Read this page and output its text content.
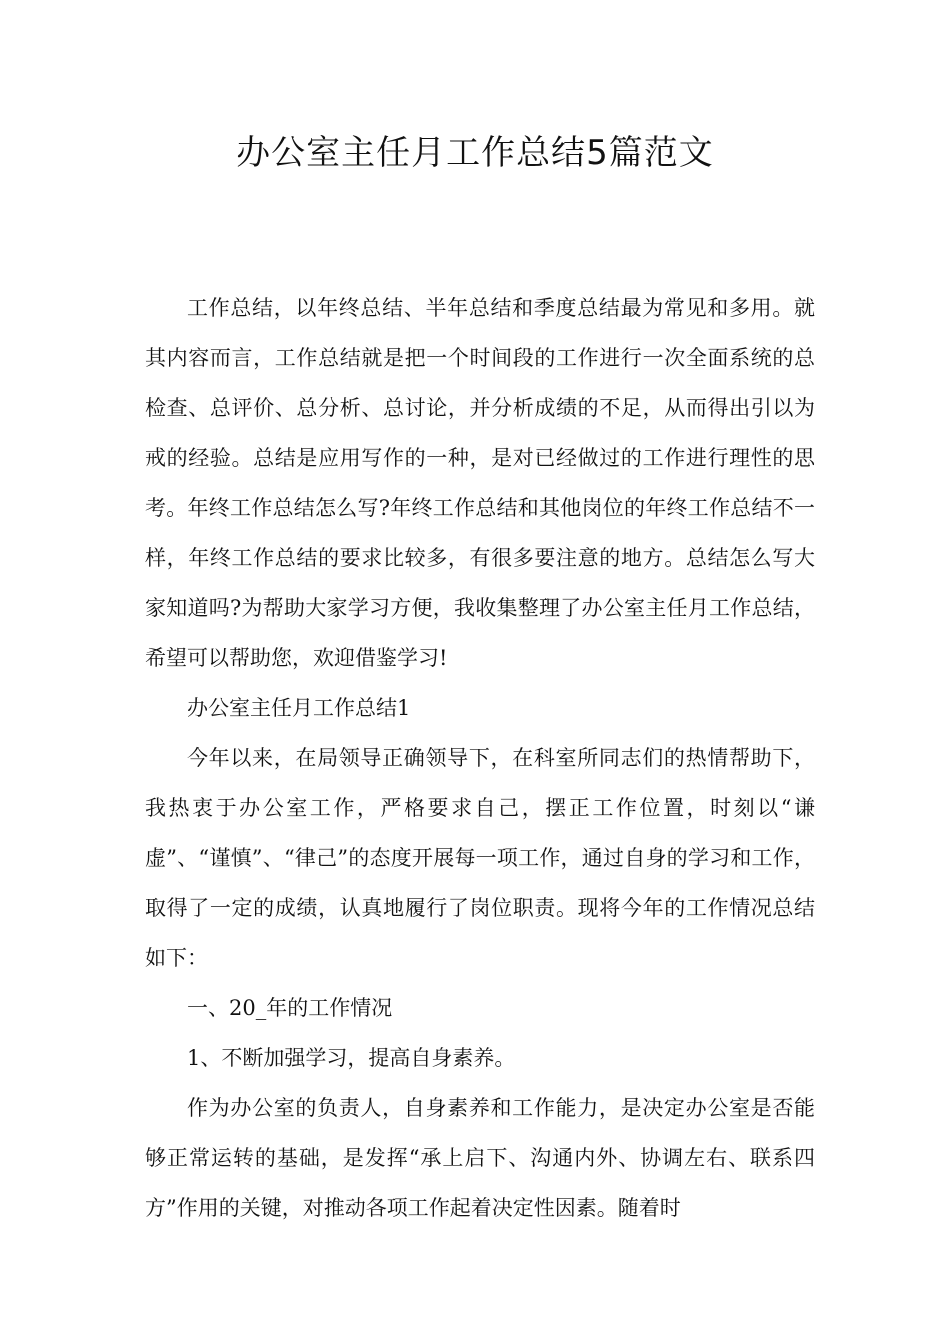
办公室主任月工作总结5篇范文

工作总结，以年终总结、半年总结和季度总结最为常见和多用。就其内容而言，工作总结就是把一个时间段的工作进行一次全面系统的总检查、总评价、总分析、总讨论，并分析成绩的不足，从而得出引以为戒的经验。总结是应用写作的一种，是对已经做过的工作进行理性的思考。年终工作总结怎么写?年终工作总结和其他岗位的年终工作总结不一样，年终工作总结的要求比较多，有很多要注意的地方。总结怎么写大家知道吗?为帮助大家学习方便，我收集整理了办公室主任月工作总结，希望可以帮助您，欢迎借鉴学习!

办公室主任月工作总结1

今年以来，在局领导正确领导下，在科室所同志们的热情帮助下，我热衷于办公室工作，严格要求自己，摆正工作位置，时刻以“谦虚”、“谨慎”、“律己”的态度开展每一项工作，通过自身的学习和工作，取得了一定的成绩，认真地履行了岗位职责。现将今年的工作情况总结如下：

一、20_年的工作情况

1、不断加强学习，提高自身素养。

作为办公室的负责人，自身素养和工作能力，是决定办公室是否能够正常运转的基础，是发挥“承上启下、沟通内外、协调左右、联系四方”作用的关键，对推动各项工作起着决定性因素。随着时
